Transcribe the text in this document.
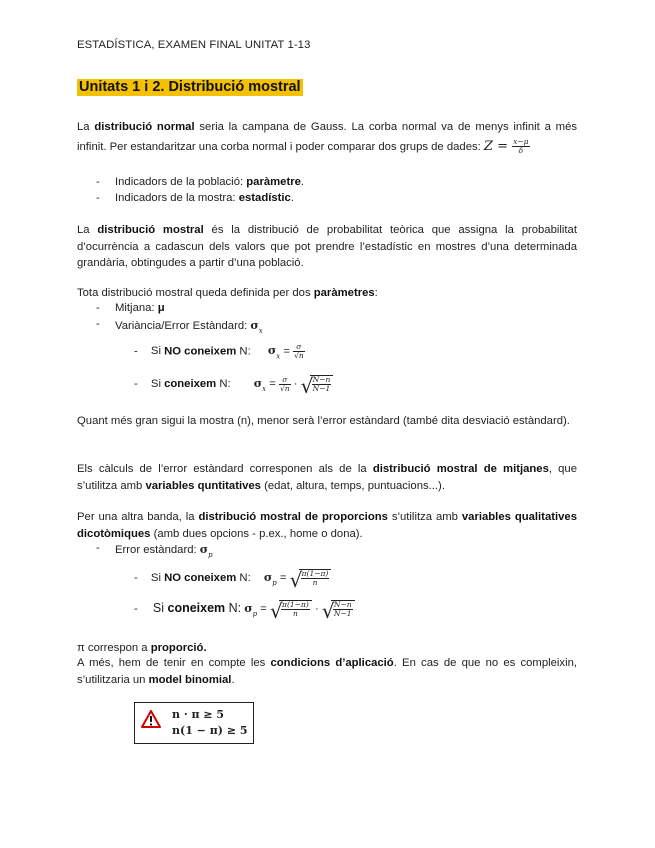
ESTADÍSTICA, EXAMEN FINAL UNITAT 1-13
Unitats 1 i 2. Distribució mostral
La distribució normal seria la campana de Gauss. La corba normal va de menys infinit a més infinit. Per estandaritzar una corba normal i poder comparar dos grups de dades: $Z = \frac{x-\mu}{\delta}$
- Indicadors de la població: paràmetre.
- Indicadors de la mostra: estadístic.
La distribució mostral és la distribució de probabilitat teòrica que assigna la probabilitat d’ocurrència a cadascun dels valors que pot prendre l’estadístic en mostres d’una determinada grandària, obtingudes a partir d’una població.
Tota distribució mostral queda definida per dos paràmetres:
- Mitjana: μ
- Variància/Error Estàndard: $\sigma_x$
- Si NO coneixem N: $\sigma_x = \frac{\sigma}{√n}$
- Si coneixem N: $\sigma_x = \frac{\sigma}{√n}$ · √
$\frac{N-n}{N-1}$
Quant més gran sigui la mostra (n), menor serà l’error estàndard (també dita desviació estàndard).
Els càlculs de l’error estàndard corresponen als de la distribució mostral de mitjanes, que s’utilitza amb variables quntitatives (edat, altura, temps, puntuacions...).
Per una altra banda, la distribució mostral de proporcions s’utilitza amb variables qualitatives dicotòmiques (amb dues opcions - p.ex., home o dona).
- Error estàndard: $\sigma_p$
- Si NO coneixem N: $\sigma_p$ = √
$\frac{\pi(1-\pi)}{n}$
- Si coneixem N: $\sigma_p$ = √
$\frac{\pi(1-\pi)}{n}$ · √
$\frac{N-n}{N-1}$
π correspon a proporció.
A més, hem de tenir en compte les condicions d’aplicació. En cas de que no es compleixin, s’utilitzaria un model binomial.
n · π ≥ 5
n(1 − π) ≥ 5
